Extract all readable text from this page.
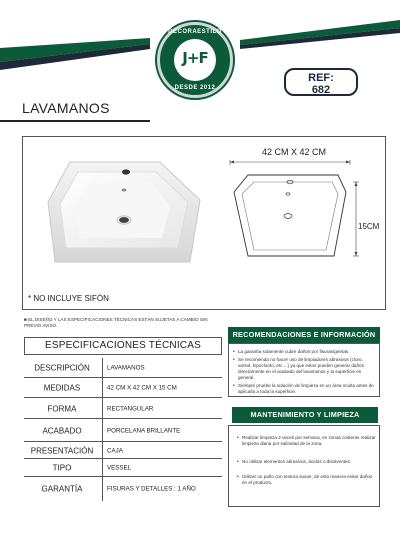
DECORAESTILO
J+F
DESDE 2012
REF:
682
LAVAMANOS
* NO INCLUYE SIFÓN
42 CM X 42 CM
15CM
■ EL DISEÑO Y LAS ESPECIFICACIONES TÉCNICAS ESTÁN SUJETAS A CAMBIO SIN PREVIO AVISO.
ESPECIFICACIONES TÉCNICAS
DESCRIPCIÓN	LAVAMANOS
MEDIDAS	42 CM X 42 CM X 15 CM
FORMA	RECTANGULAR
ACABADO	PORCELANA BRILLANTE
PRESENTACIÓN	CAJA
TIPO	VESSEL
GARANTÍA	FISURAS Y DETALLES : 1 AÑO
RECOMENDACIONES E INFORMACIÓN
• La garantía solamente cubre daños por fisuras/grietas.
• Se recomienda no hacer uso de limpiadores abrasivos (cloro, varsol, hipoclorito, etc....) ya que estos pueden generar daños directamente en el acabado del lavamanos y la superficie en general.
• Siempre pruebe la solución de limpieza en un área oculta antes de aplicarla a toda la superficie.
MANTENIMIENTO Y LIMPIEZA
• Realizar limpieza 2 veces por semana, en zonas costeras realizar limpieza diaria por salinidad de la zona.
• No utilizar elementos abrasivos, ácidos o disolventes.
• Utilizar un paño con textura suave, de esta manera evitar daños en el producto.
